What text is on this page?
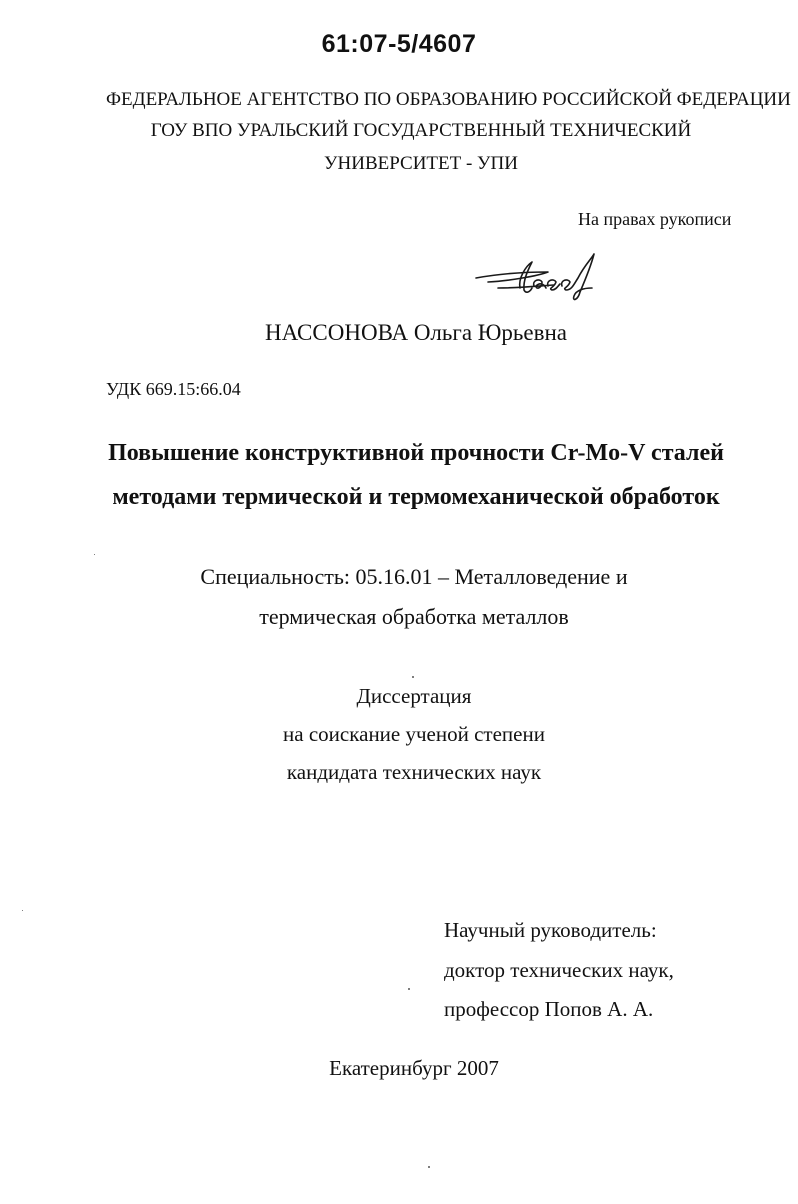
61:07-5/4607
ФЕДЕРАЛЬНОЕ АГЕНТСТВО ПО ОБРАЗОВАНИЮ РОССИЙСКОЙ ФЕДЕРАЦИИ
ГОУ ВПО УРАЛЬСКИЙ ГОСУДАРСТВЕННЫЙ ТЕХНИЧЕСКИЙ
УНИВЕРСИТЕТ - УПИ
На правах рукописи
НАССОНОВА Ольга Юрьевна
УДК 669.15:66.04
Повышение конструктивной прочности Cr-Mo-V сталей
методами термической и термомеханической обработок
Специальность: 05.16.01 – Металловедение и
термическая обработка металлов
Диссертация
на соискание ученой степени
кандидата технических наук
Научный руководитель:
доктор технических наук,
профессор Попов А. А.
Екатеринбург 2007
